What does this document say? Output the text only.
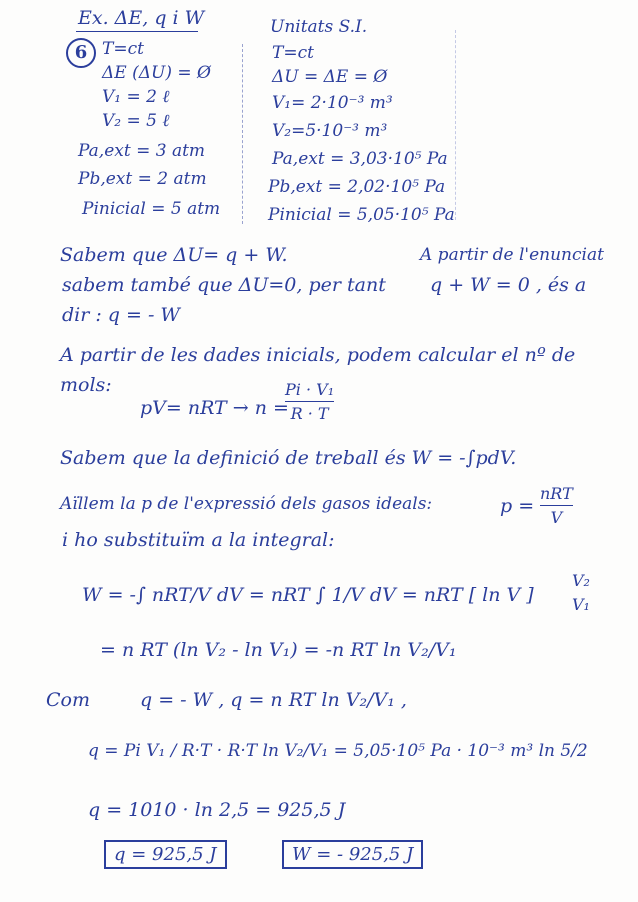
Ex. ΔE, q i W
6 T=ct
ΔE (ΔU) = Ø
V₁ = 2 ℓ
V₂ = 5 ℓ
Pa,ext = 3 atm
Pb,ext = 2 atm
Pinicial = 5 atm
Unitats S.I.
T=ct
ΔU = ΔE = Ø
V₁= 2·10⁻³ m³
V₂=5·10⁻³ m³
Pa,ext = 3,03·10⁵ Pa
Pb,ext = 2,02·10⁵ Pa
Pinicial = 5,05·10⁵ Pa
Sabem que ΔU= q + W.	A partir de l'enunciat
sabem també que ΔU=0, per tant q + W = 0 , és a
dir : q = - W
A partir de les dades inicials, podem calcular el nº de
mols:
pV= nRT → n =
Pi · V₁
R · T
Sabem que la definició de treball és W = -∫pdV.
Aïllem la p de l'expressió dels gasos ideals:	p =
nRT
V
i ho substituïm a la integral:
W = -∫ nRT/V dV = nRT ∫ 1/V dV = nRT [ ln V ]
V₂
V₁
= n RT (ln V₂ - ln V₁) = -n RT ln V₂/V₁
Com	q = - W , q = n RT ln V₂/V₁ ,
q = Pi V₁ / R·T · R·T ln V₂/V₁ = 5,05·10⁵ Pa · 10⁻³ m³ ln 5/2
q = 1010 · ln 2,5 = 925,5 J
q = 925,5 J	W = - 925,5 J
